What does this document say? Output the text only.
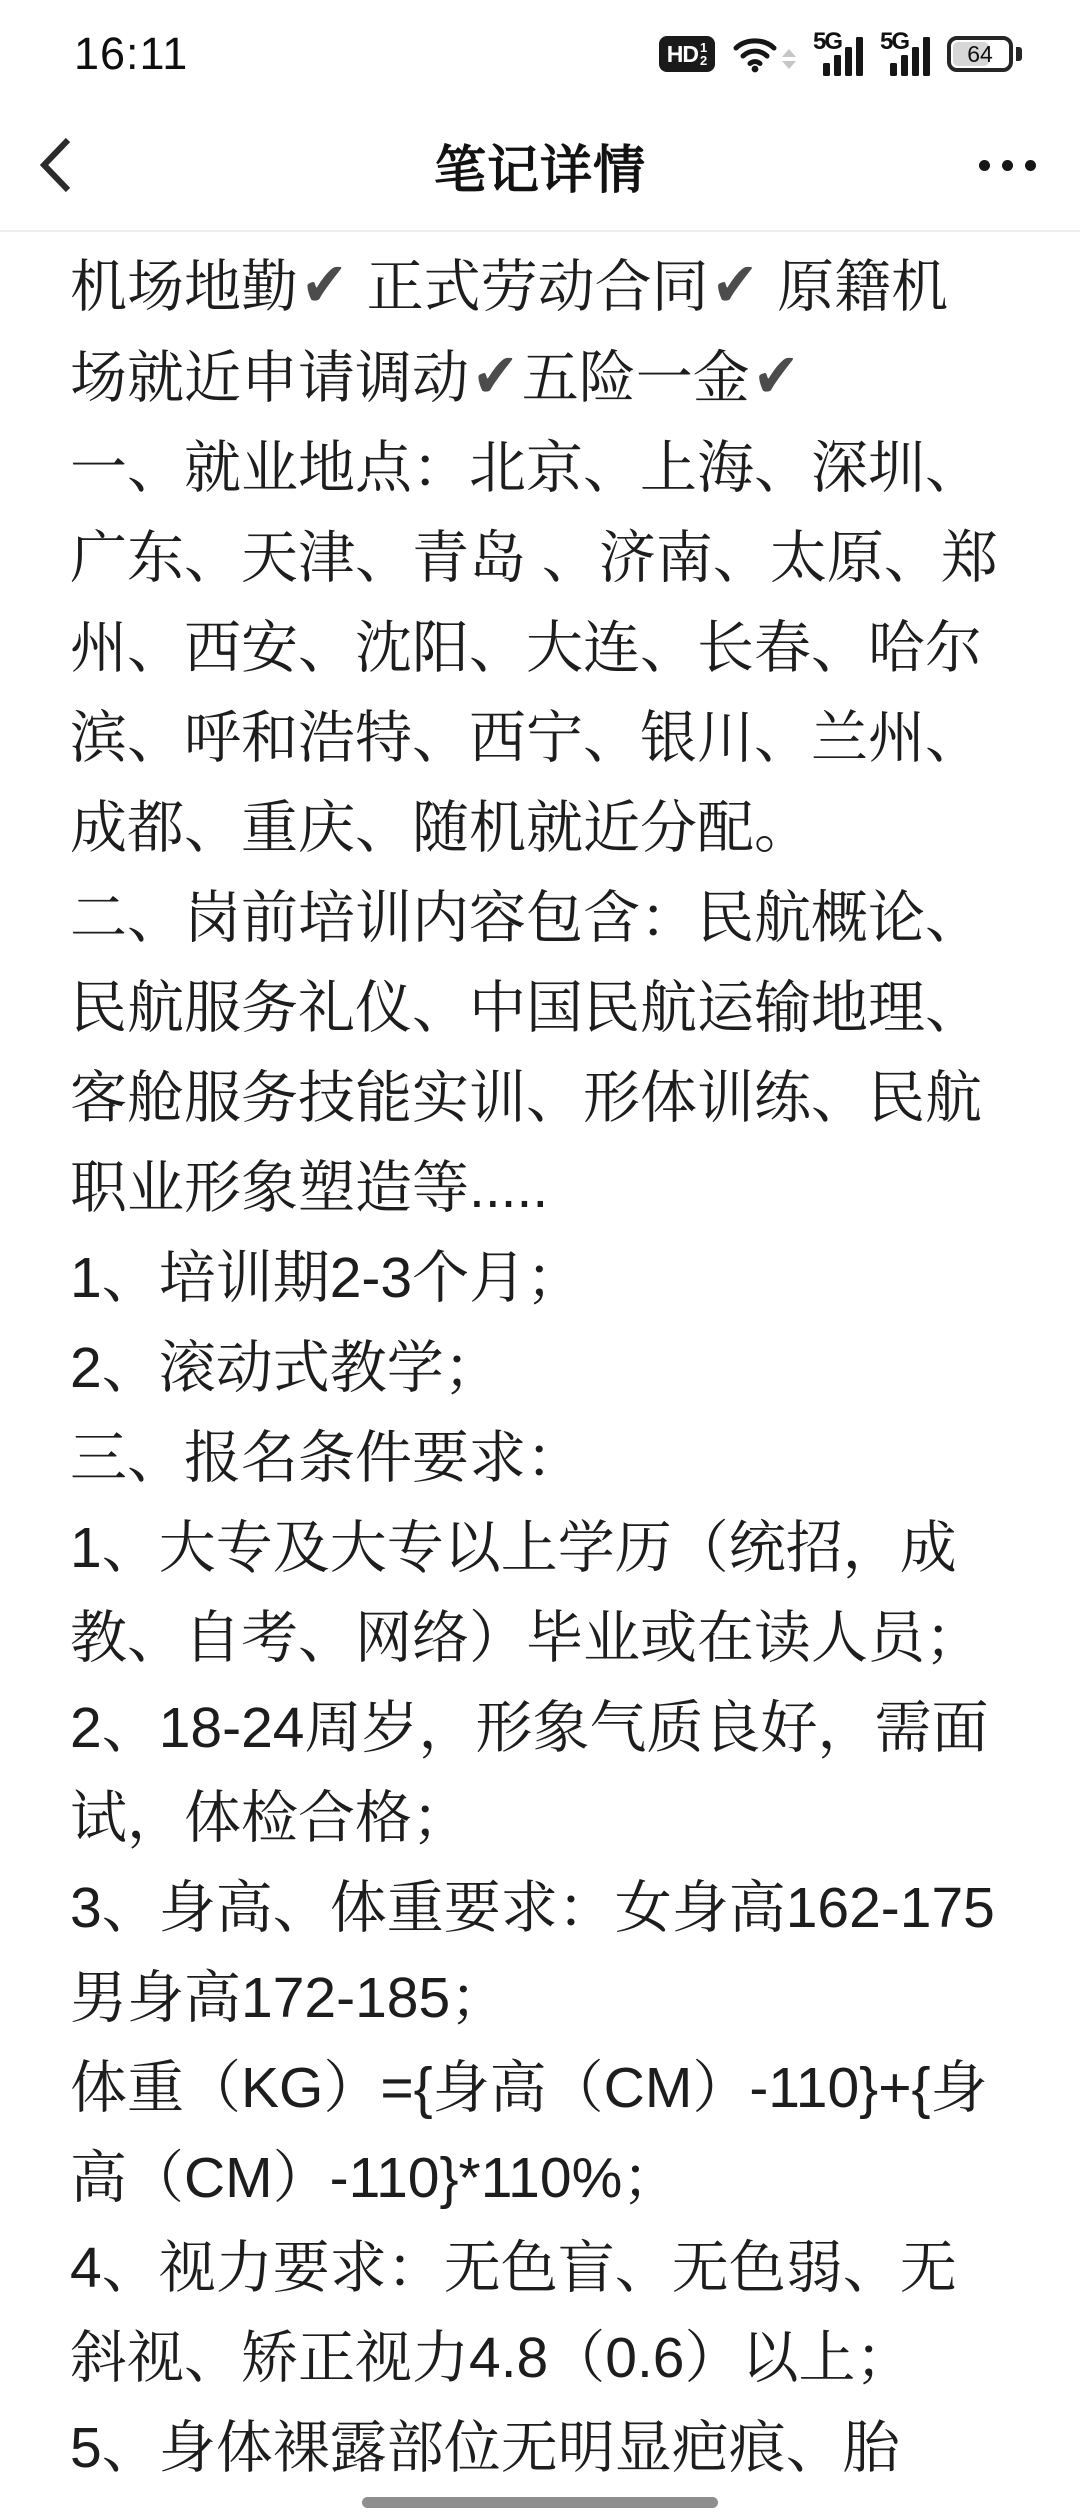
16:11	HD 1
2
5G 5G	64
笔记详情
机场地勤✔ 正式劳动合同✔ 原籍机
场就近申请调动✔五险一金✔
一、就业地点：北京、上海、深圳、
广东、天津、青岛 、济南、太原、郑
州、西安、沈阳、大连、长春、哈尔
滨、呼和浩特、西宁、银川、兰州、
成都、重庆、随机就近分配。
二、岗前培训内容包含：民航概论、
民航服务礼仪、中国民航运输地理、
客舱服务技能实训、形体训练、民航
职业形象塑造等.....
1、培训期2-3个月；
2、滚动式教学；
三、报名条件要求：
1、大专及大专以上学历（统招，成
教、自考、网络）毕业或在读人员；
2、18-24周岁，形象气质良好，需面
试，体检合格；
3、身高、体重要求：女身高162-175
男身高172-185；
体重（KG）={身高（CM）-110}+{身
高（CM）-110}*110%；
4、视力要求：无色盲、无色弱、无
斜视、矫正视力4.8（0.6）以上；
5、身体裸露部位无明显疤痕、胎
